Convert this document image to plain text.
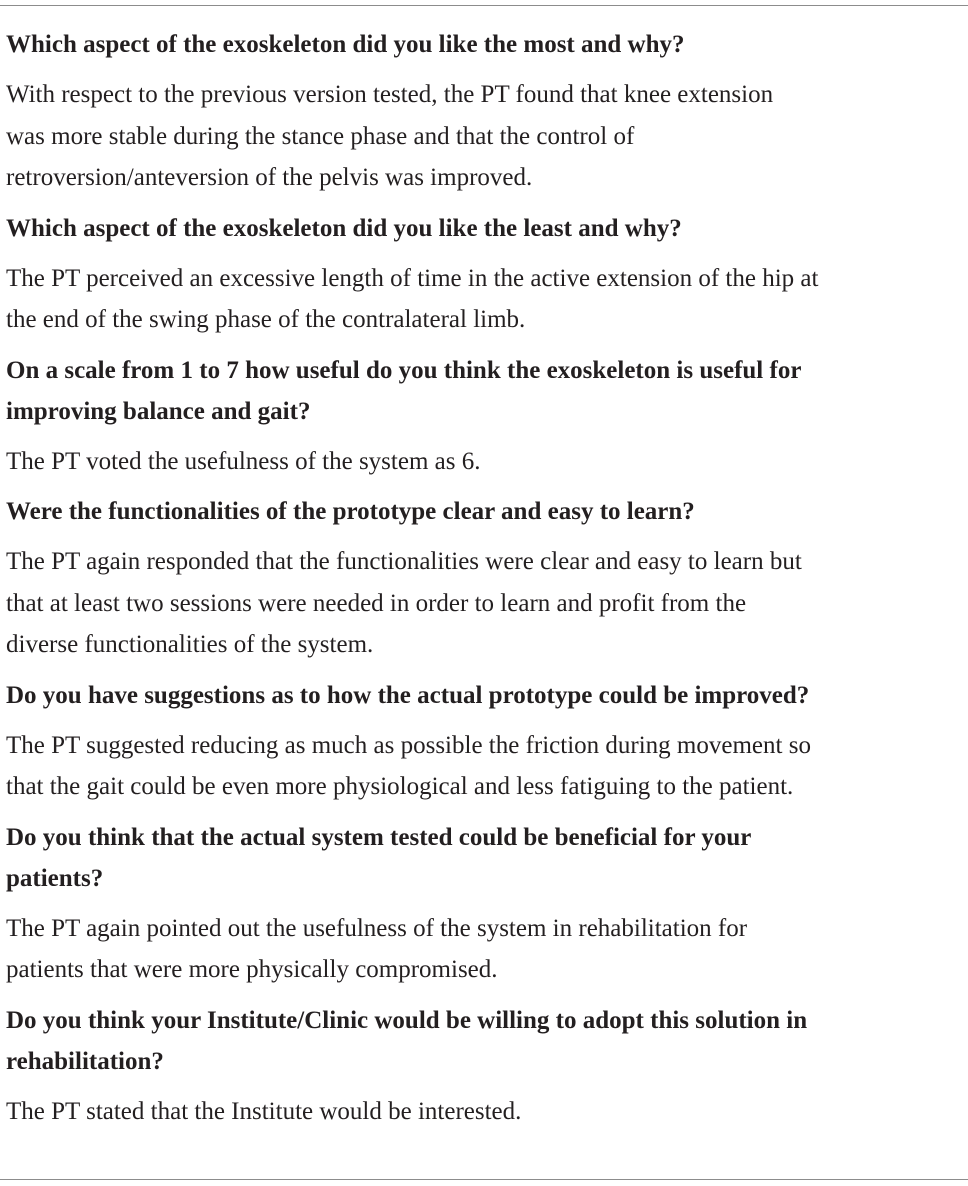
Which aspect of the exoskeleton did you like the most and why?
With respect to the previous version tested, the PT found that knee extension
was more stable during the stance phase and that the control of
retroversion/anteversion of the pelvis was improved.
Which aspect of the exoskeleton did you like the least and why?
The PT perceived an excessive length of time in the active extension of the hip at
the end of the swing phase of the contralateral limb.
On a scale from 1 to 7 how useful do you think the exoskeleton is useful for
improving balance and gait?
The PT voted the usefulness of the system as 6.
Were the functionalities of the prototype clear and easy to learn?
The PT again responded that the functionalities were clear and easy to learn but
that at least two sessions were needed in order to learn and profit from the
diverse functionalities of the system.
Do you have suggestions as to how the actual prototype could be improved?
The PT suggested reducing as much as possible the friction during movement so
that the gait could be even more physiological and less fatiguing to the patient.
Do you think that the actual system tested could be beneficial for your
patients?
The PT again pointed out the usefulness of the system in rehabilitation for
patients that were more physically compromised.
Do you think your Institute/Clinic would be willing to adopt this solution in
rehabilitation?
The PT stated that the Institute would be interested.
